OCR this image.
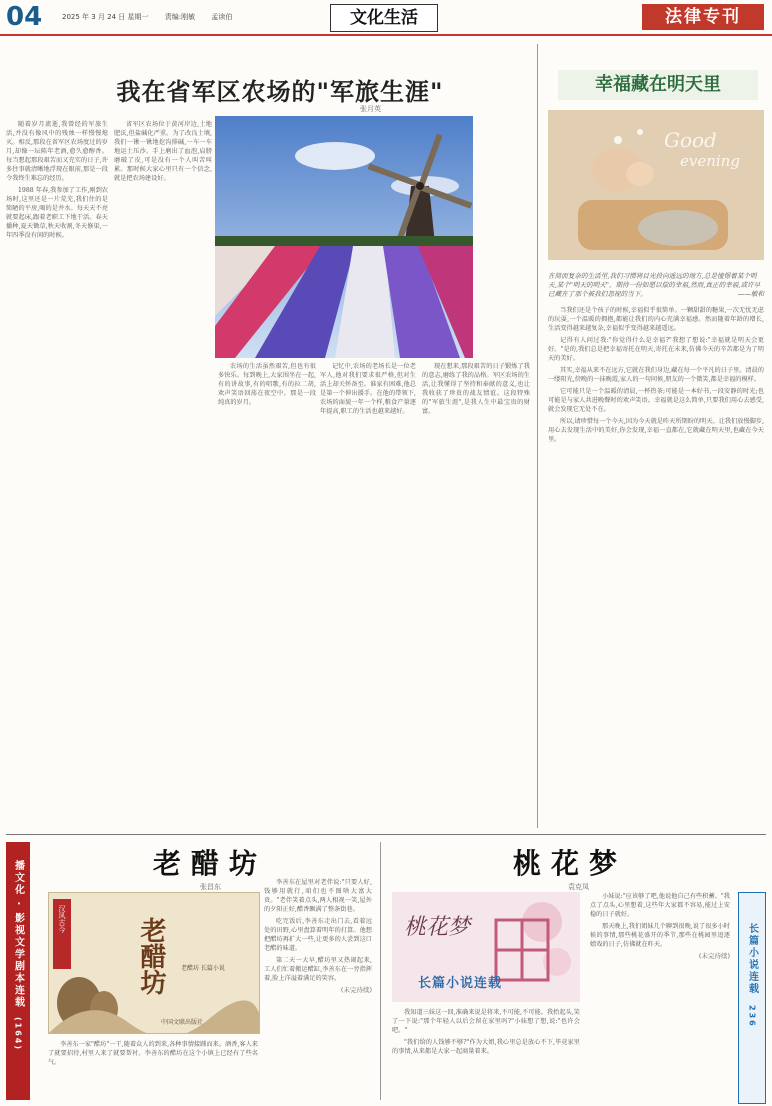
04	2025 年 3 月 24 日 星期一 责编:刚敏 孟读伯	文化生活	法律专刊
我在省军区农场的"军旅生涯"
张月英

随着岁月流逝,我曾经的军旅生活,并没有像风中的残烛一样慢慢熄灭。相反,那段在省军区农场度过的岁月,却像一坛陈年老酒,愈久愈醇香。每当想起那段艰苦而又充实的日子,许多往事就清晰地浮现在眼前,那是一段令我终生难忘的经历。

1988 年春,我参加了工作,刚到农场时,这里还是一片荒芜,我们住的是简陋的平房,喝的是井水。每天天不亮就要起床,跟着老职工下地干活。春天播种,夏天锄草,秋天收割,冬天修渠,一年四季没有闲的时候。

省军区农场位于黄河岸边,土地肥沃,但盐碱化严重。为了改良土壤,我们一锹一锹地挖沟排碱,一车一车地运土压沙。手上磨出了血泡,肩膀磨破了皮,可是没有一个人叫苦叫累。那时候大家心里只有一个信念,就是把农场建设好。

农场的生活虽然艰苦,但也有很多快乐。每到晚上,大家围坐在一起,有的讲故事,有的唱歌,有的拉二胡,欢声笑语回荡在夜空中。那是一段纯真的岁月。

记忆中,农场的老场长是一位老军人,他对我们要求很严格,但对生活上却关怀备至。谁家有困难,他总是第一个伸出援手。在他的带领下,农场的面貌一年一个样,粮食产量逐年提高,职工的生活也越来越好。

现在想来,那段艰苦的日子锻炼了我的意志,磨练了我的品格。军区农场的生活,让我懂得了坚持和奉献的意义,也让我收获了珍贵的战友情谊。这段特殊的"军旅生涯",是我人生中最宝贵的财富。

幸福藏在明天里
Good
evening
在简而复杂的生活里,我们习惯将目光投向遥远的地方,总是憧憬着某个明天,某个"明天的明天"。期待一份如愿以偿的幸福,然而,真正的幸福,或许早已藏在了那个被我们忽视的当下。	——敏和

当我们还是个孩子的时候,幸福似乎很简单。一颗甜甜的糖果,一次无忧无虑的玩耍,一个温暖的拥抱,都能让我们的内心充满幸福感。然而随着年龄的增长,生活变得越来越复杂,幸福似乎变得越来越遥远。

记得有人问过我:"你觉得什么是幸福?"我想了想说:"幸福就是明天会更好。"是的,我们总是把幸福寄托在明天,寄托在未来,仿佛今天的辛苦都是为了明天的美好。

其实,幸福从来不在远方,它就在我们身边,藏在每一个平凡的日子里。清晨的一缕阳光,傍晚的一抹晚霞,家人的一句问候,朋友的一个微笑,都是幸福的模样。

它可能只是一个温暖的清晨,一杯热茶;可能是一本好书,一段安静的时光;也可能是与家人共进晚餐时的欢声笑语。幸福就是这么简单,只要我们用心去感受,就会发现它无处不在。

所以,请珍惜每一个今天,因为今天就是昨天所期盼的明天。让我们放慢脚步,用心去发现生活中的美好,你会发现,幸福一直都在,它就藏在明天里,也藏在今天里。

播文化 · 影视文学剧本连载
(164)
老醋坊
张昌东
老醋坊
汉风古今
老醋坊 长篇小说
中国文联出版社

李善东一家"醋坊"一干,随着众人的到来,各种事情接踵而来。酒香,客人来了就要招待,村里人来了就要帮衬。李善东的醋坊在这个小镇上已经有了些名气。

李善东在屋里对老伴说:"只要人好,钱够用就行,咱们也不图啥大富大贵。"老伴笑着点头,两人相视一笑,屋外的夕阳正好,醋香飘满了整条街巷。

吃完饭后,李善东走出门去,看着远处的田野,心里盘算着明年的打算。他想把醋坊再扩大一些,让更多的人尝到这口老醋的味道。

第二天一大早,醋坊里又热闹起来,工人们忙着搬运醋缸,李善东在一旁指挥着,脸上洋溢着满足的笑容。

(未完待续)
桃花梦
袁克凤
桃花梦
长篇小说连载

我知道三妹这一回,准确来说是将来,不可能,不可能。我抬起头,笑了一下说:"那个年轻人以后会留在家里吗?"小妹想了想,说:"也许会吧。"

"我们给的人钱够不够?"作为大姐,我心里总是放心不下,毕竟家里的事情,从来都是大家一起商量着来。

小妹说:"应该够了吧,他说他自己有些积蓄。"我点了点头,心里想着,这些年大家都不容易,能过上安稳的日子就好。

那天晚上,我们姐妹几个聊到很晚,说了很多小时候的事情,那些桃花盛开的季节,那些在桃园里追逐嬉戏的日子,仿佛就在昨天。

(未完待续) 长篇小说连载
236
